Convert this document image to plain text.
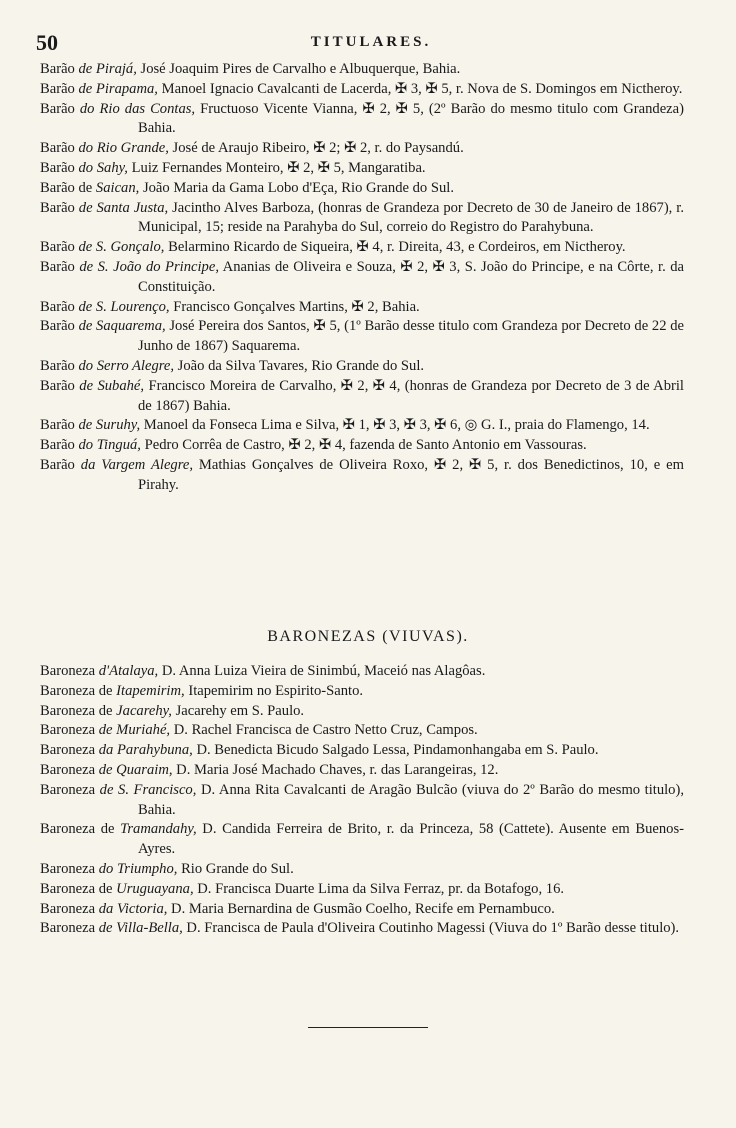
50	TITULARES.

Barão de Pirajá, José Joaquim Pires de Carvalho e Albuquerque, Bahia.

Barão de Pirapama, Manoel Ignacio Cavalcanti de Lacerda, ✠ 3, ✠ 5, r. Nova de S. Domingos em Nictheroy.

Barão do Rio das Contas, Fructuoso Vicente Vianna, ✠ 2, ✠ 5, (2º Barão do mesmo titulo com Grandeza) Bahia.

Barão do Rio Grande, José de Araujo Ribeiro, ✠ 2; ✠ 2, r. do Paysandú.

Barão do Sahy, Luiz Fernandes Monteiro, ✠ 2, ✠ 5, Mangaratiba.

Barão de Saican, João Maria da Gama Lobo d'Eça, Rio Grande do Sul.

Barão de Santa Justa, Jacintho Alves Barboza, (honras de Grandeza por Decreto de 30 de Janeiro de 1867), r. Municipal, 15; reside na Parahyba do Sul, correio do Registro do Parahybuna.

Barão de S. Gonçalo, Belarmino Ricardo de Siqueira, ✠ 4, r. Direita, 43, e Cordeiros, em Nictheroy.

Barão de S. João do Principe, Ananias de Oliveira e Souza, ✠ 2, ✠ 3, S. João do Principe, e na Côrte, r. da Constituição.

Barão de S. Lourenço, Francisco Gonçalves Martins, ✠ 2, Bahia.

Barão de Saquarema, José Pereira dos Santos, ✠ 5, (1º Barão desse titulo com Grandeza por Decreto de 22 de Junho de 1867) Saquarema.

Barão do Serro Alegre, João da Silva Tavares, Rio Grande do Sul.

Barão de Subahé, Francisco Moreira de Carvalho, ✠ 2, ✠ 4, (honras de Grandeza por Decreto de 3 de Abril de 1867) Bahia.

Barão de Suruhy, Manoel da Fonseca Lima e Silva, ✠ 1, ✠ 3, ✠ 3, ✠ 6, ◎ G. I., praia do Flamengo, 14.

Barão do Tinguá, Pedro Corrêa de Castro, ✠ 2, ✠ 4, fazenda de Santo Antonio em Vassouras.

Barão da Vargem Alegre, Mathias Gonçalves de Oliveira Roxo, ✠ 2, ✠ 5, r. dos Benedictinos, 10, e em Pirahy.

BARONEZAS (VIUVAS).

Baroneza d'Atalaya, D. Anna Luiza Vieira de Sinimbú, Maceió nas Alagôas.

Baroneza de Itapemirim, Itapemirim no Espirito-Santo.

Baroneza de Jacarehy, Jacarehy em S. Paulo.

Baroneza de Muriahé, D. Rachel Francisca de Castro Netto Cruz, Campos.

Baroneza da Parahybuna, D. Benedicta Bicudo Salgado Lessa, Pindamonhangaba em S. Paulo.

Baroneza de Quaraim, D. Maria José Machado Chaves, r. das Larangeiras, 12.

Baroneza de S. Francisco, D. Anna Rita Cavalcanti de Aragão Bulcão (viuva do 2º Barão do mesmo titulo), Bahia.

Baroneza de Tramandahy, D. Candida Ferreira de Brito, r. da Princeza, 58 (Cattete). Ausente em Buenos-Ayres.

Baroneza do Triumpho, Rio Grande do Sul.

Baroneza de Uruguayana, D. Francisca Duarte Lima da Silva Ferraz, pr. da Botafogo, 16.

Baroneza da Victoria, D. Maria Bernardina de Gusmão Coelho, Recife em Pernambuco.

Baroneza de Villa-Bella, D. Francisca de Paula d'Oliveira Coutinho Magessi (Viuva do 1º Barão desse titulo).
